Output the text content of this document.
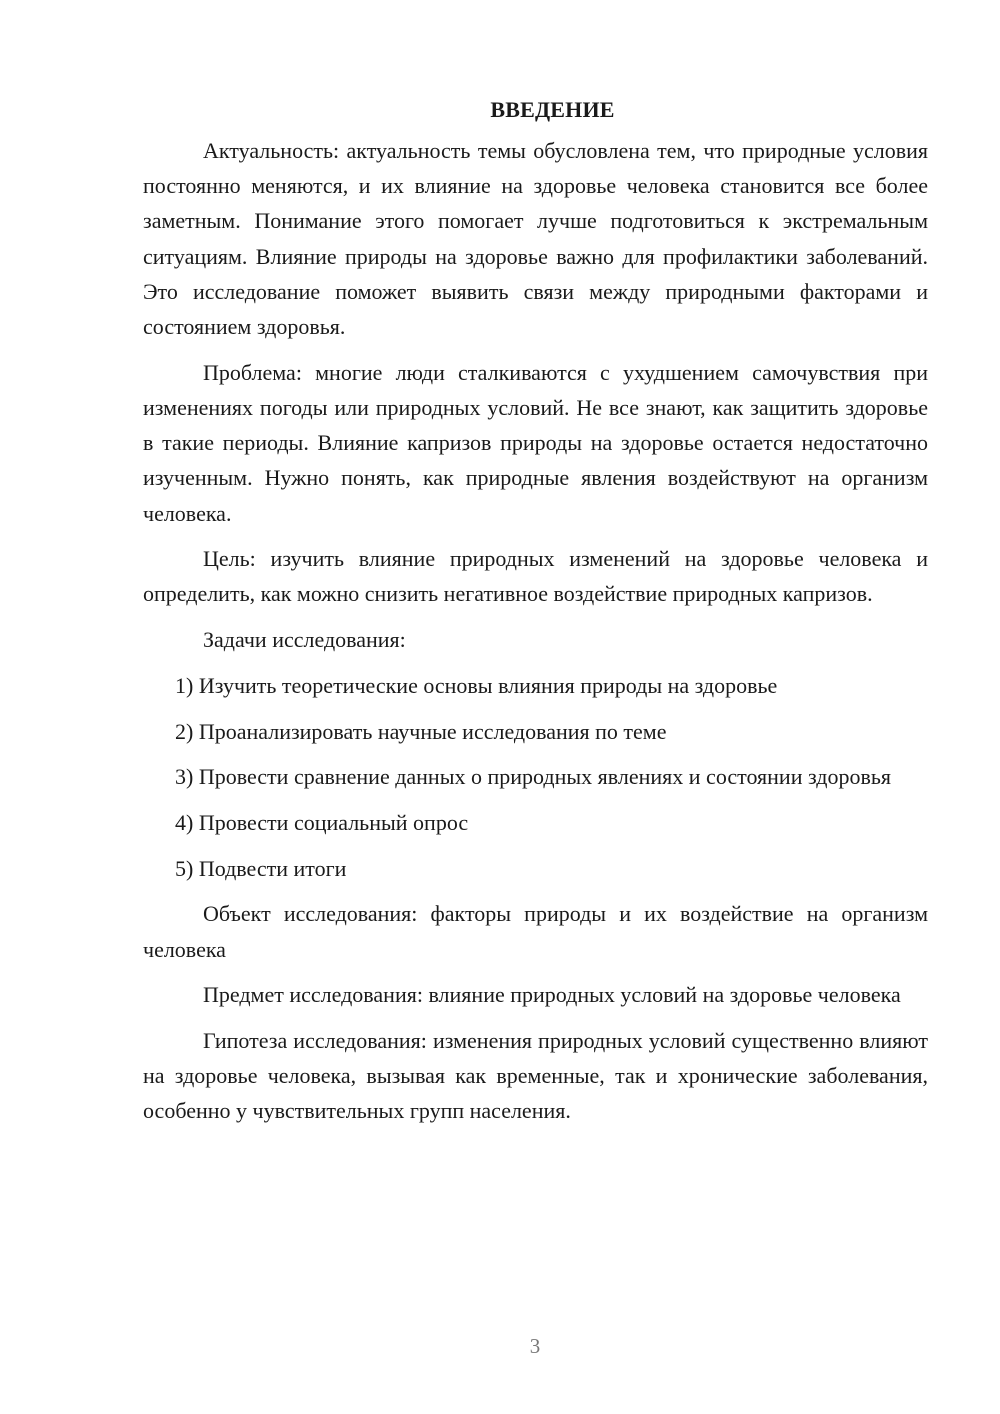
ВВЕДЕНИЕ

Актуальность: актуальность темы обусловлена тем, что природные условия постоянно меняются, и их влияние на здоровье человека становится все более заметным. Понимание этого помогает лучше подготовиться к экстремальным ситуациям. Влияние природы на здоровье важно для профилактики заболеваний. Это исследование поможет выявить связи между природными факторами и состоянием здоровья.

Проблема: многие люди сталкиваются с ухудшением самочувствия при изменениях погоды или природных условий. Не все знают, как защитить здоровье в такие периоды. Влияние капризов природы на здоровье остается недостаточно изученным. Нужно понять, как природные явления воздействуют на организм человека.

Цель: изучить влияние природных изменений на здоровье человека и определить, как можно снизить негативное воздействие природных капризов.

Задачи исследования:

1) Изучить теоретические основы влияния природы на здоровье

2) Проанализировать научные исследования по теме

3) Провести сравнение данных о природных явлениях и состоянии здоровья

4) Провести социальный опрос

5) Подвести итоги

Объект исследования: факторы природы и их воздействие на организм человека

Предмет исследования: влияние природных условий на здоровье человека

Гипотеза исследования: изменения природных условий существенно влияют на здоровье человека, вызывая как временные, так и хронические заболевания, особенно у чувствительных групп населения.

3
